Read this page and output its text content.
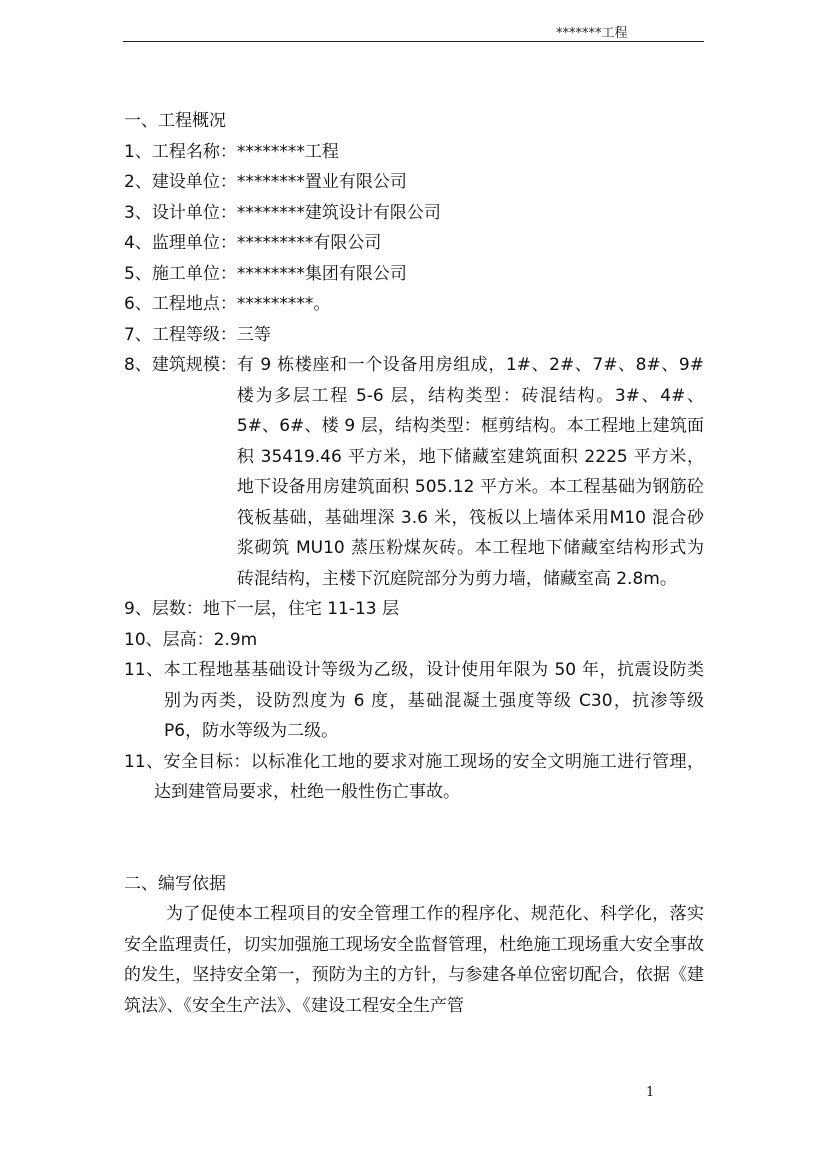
*******工程
一、工程概况
1、工程名称：********工程
2、建设单位：********置业有限公司
3、设计单位：********建筑设计有限公司
4、监理单位：*********有限公司
5、施工单位：********集团有限公司
6、工程地点：*********。
7、工程等级：三等
8、建筑规模： 有 9 栋楼座和一个设备用房组成，1#、2#、7#、8#、9#楼为多层工程 5-6 层，结构类型：砖混结构。3#、4#、 5#、6#、楼 9 层，结构类型：框剪结构。本工程地上建筑面积 35419.46 平方米，地下储藏室建筑面积 2225 平方米，地下设备用房建筑面积 505.12 平方米。本工程基础为钢筋砼筏板基础，基础埋深 3.6 米，筏板以上墙体采用M10 混合砂浆砌筑 MU10 蒸压粉煤灰砖。本工程地下储藏室结构形式为砖混结构，主楼下沉庭院部分为剪力墙，储藏室高 2.8m。
9、层数：地下一层，住宅 11-13 层
10、层高：2.9m
11、本工程地基基础设计等级为乙级，设计使用年限为 50 年，抗震设防类别为丙类，设防烈度为 6 度，基础混凝土强度等级 C30，抗渗等级 P6，防水等级为二级。
11、安全目标：以标准化工地的要求对施工现场的安全文明施工进行管理，达到建管局要求，杜绝一般性伤亡事故。
二、编写依据
为了促使本工程项目的安全管理工作的程序化、规范化、科学化，落实安全监理责任，切实加强施工现场安全监督管理，杜绝施工现场重大安全事故的发生，坚持安全第一，预防为主的方针，与参建各单位密切配合，依据《建筑法》、《安全生产法》、《建设工程安全生产管
1
